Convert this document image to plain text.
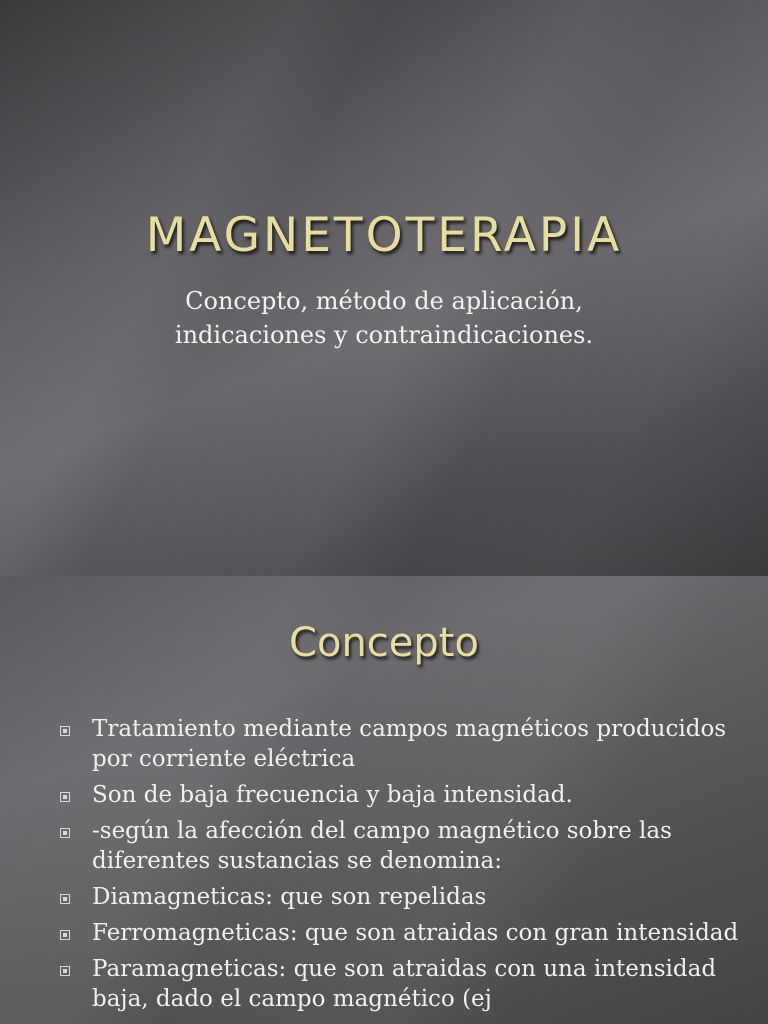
MAGNETOTERAPIA
Concepto, método de aplicación,
indicaciones y contraindicaciones.
Concepto
Tratamiento mediante campos magnéticos producidos por corriente eléctrica
Son de baja frecuencia y baja intensidad.
-según la afección del campo magnético sobre las diferentes sustancias se denomina:
Diamagneticas: que son repelidas
Ferromagneticas: que son atraidas con gran intensidad
Paramagneticas: que son atraidas con una intensidad baja, dado el campo magnético (ej
